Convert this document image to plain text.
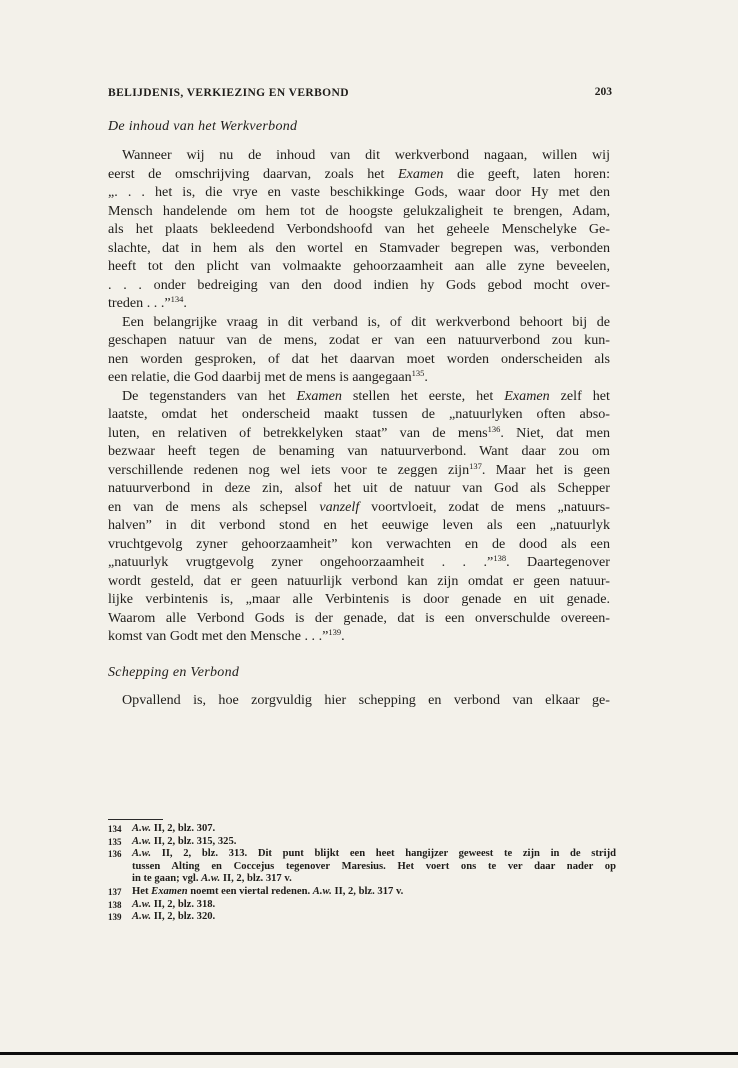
BELIJDENIS, VERKIEZING EN VERBOND	203
De inhoud van het Werkverbond
Wanneer wij nu de inhoud van dit werkverbond nagaan, willen wij
eerst de omschrijving daarvan, zoals het Examen die geeft, laten horen:
„. . . het is, die vrye en vaste beschikkinge Gods, waar door Hy met den
Mensch handelende om hem tot de hoogste gelukzaligheit te brengen, Adam,
als het plaats bekleedend Verbondshoofd van het geheele Menschelyke Ge-
slachte, dat in hem als den wortel en Stamvader begrepen was, verbonden
heeft tot den plicht van volmaakte gehoorzaamheit aan alle zyne beveelen,
. . . onder bedreiging van den dood indien hy Gods gebod mocht over-
treden . . .”$^{134}$.
Een belangrijke vraag in dit verband is, of dit werkverbond behoort bij de
geschapen natuur van de mens, zodat er van een natuurverbond zou kun-
nen worden gesproken, of dat het daarvan moet worden onderscheiden als
een relatie, die God daarbij met de mens is aangegaan$^{135}$.
De tegenstanders van het Examen stellen het eerste, het Examen zelf het
laatste, omdat het onderscheid maakt tussen de „natuurlyken often abso-
luten, en relativen of betrekkelyken staat” van de mens$^{136}$. Niet, dat men
bezwaar heeft tegen de benaming van natuurverbond. Want daar zou om
verschillende redenen nog wel iets voor te zeggen zijn$^{137}$. Maar het is geen
natuurverbond in deze zin, alsof het uit de natuur van God als Schepper
en van de mens als schepsel vanzelf voortvloeit, zodat de mens „natuurs-
halven” in dit verbond stond en het eeuwige leven als een „natuurlyk
vruchtgevolg zyner gehoorzaamheit” kon verwachten en de dood als een
„natuurlyk vrugtgevolg zyner ongehoorzaamheit . . .”$^{138}$. Daartegenover
wordt gesteld, dat er geen natuurlijk verbond kan zijn omdat er geen natuur-
lijke verbintenis is, „maar alle Verbintenis is door genade en uit genade.
Waarom alle Verbond Gods is der genade, dat is een onverschulde overeen-
komst van Godt met den Mensche . . .”$^{139}$.
Schepping en Verbond
Opvallend is, hoe zorgvuldig hier schepping en verbond van elkaar ge-
134 A.w. II, 2, blz. 307.
135 A.w. II, 2, blz. 315, 325.
136 A.w. II, 2, blz. 313. Dit punt blijkt een heet hangijzer geweest te zijn in de strijd
tussen Alting en Coccejus tegenover Maresius. Het voert ons te ver daar nader op
in te gaan; vgl. A.w. II, 2, blz. 317 v.
137 Het Examen noemt een viertal redenen. A.w. II, 2, blz. 317 v.
138 A.w. II, 2, blz. 318.
139 A.w. II, 2, blz. 320.
